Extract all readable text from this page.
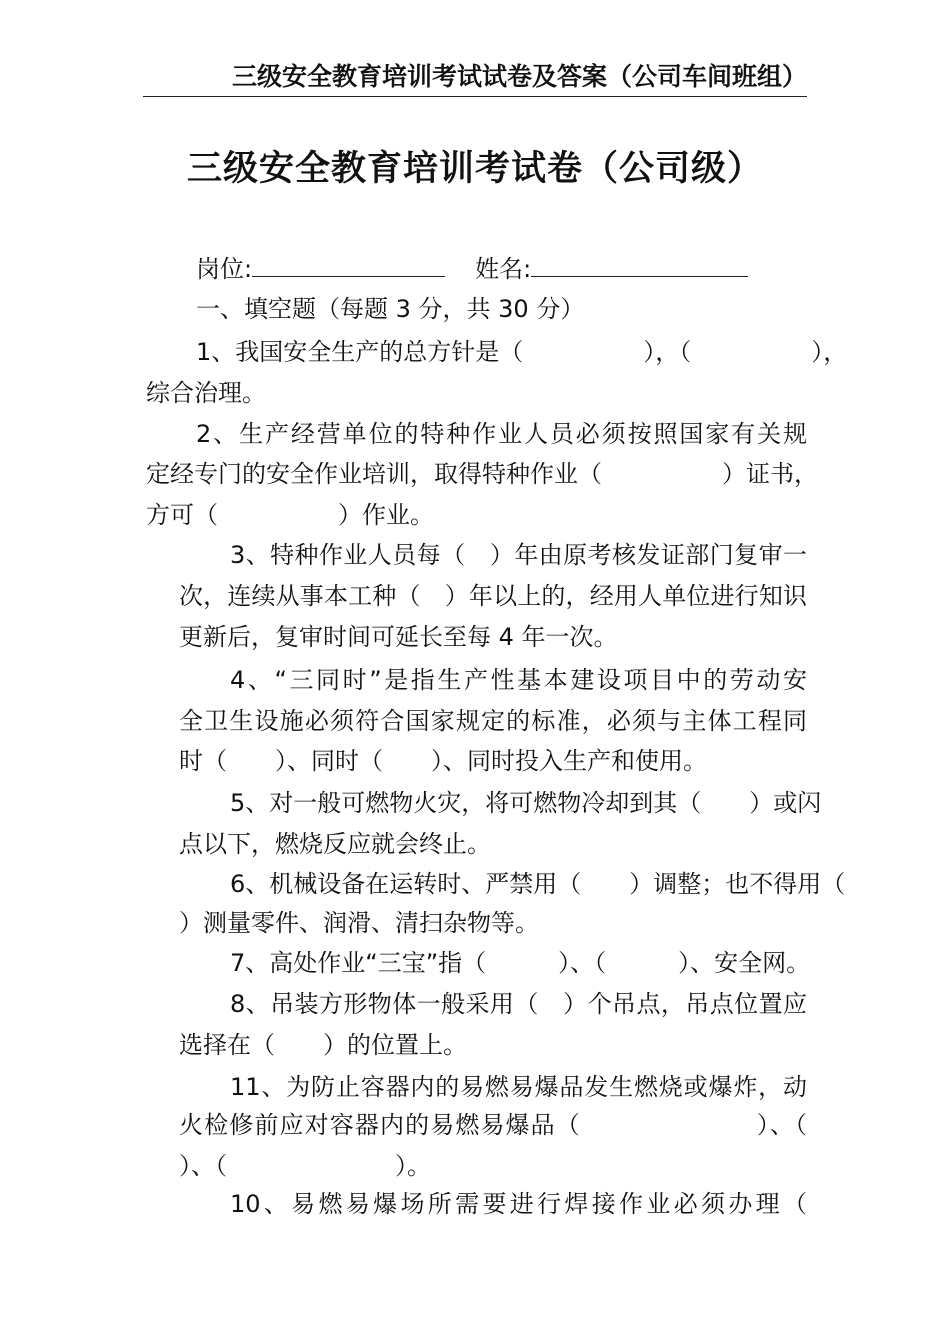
三级安全教育培训考试试卷及答案（公司车间班组）
三级安全教育培训考试卷（公司级）
岗位:	姓名:
一、填空题（每题 3 分，共 30 分）
1、我国安全生产的总方针是（　　　　　），（　　　　　），
综合治理。
2、生产经营单位的特种作业人员必须按照国家有关规
定经专门的安全作业培训，取得特种作业（　　　　　）证书，
方可（　　　　　）作业。
3、特种作业人员每（　）年由原考核发证部门复审一
次，连续从事本工种（　）年以上的，经用人单位进行知识
更新后，复审时间可延长至每 4 年一次。
4、“三同时”是指生产性基本建设项目中的劳动安
全卫生设施必须符合国家规定的标准，必须与主体工程同
时（　　）、同时（　　）、同时投入生产和使用。
5、对一般可燃物火灾，将可燃物冷却到其（　　）或闪
点以下，燃烧反应就会终止。
6、机械设备在运转时、严禁用（　　）调整；也不得用（
）测量零件、润滑、清扫杂物等。
7、高处作业“三宝”指（　　　）、（　　　）、安全网。
8、吊装方形物体一般采用（　）个吊点，吊点位置应
选择在（　　）的位置上。
11、为防止容器内的易燃易爆品发生燃烧或爆炸，动
火检修前应对容器内的易燃易爆品（　　　　　　　）、（
）、（　　　　　　　）。
10、易燃易爆场所需要进行焊接作业必须办理（
